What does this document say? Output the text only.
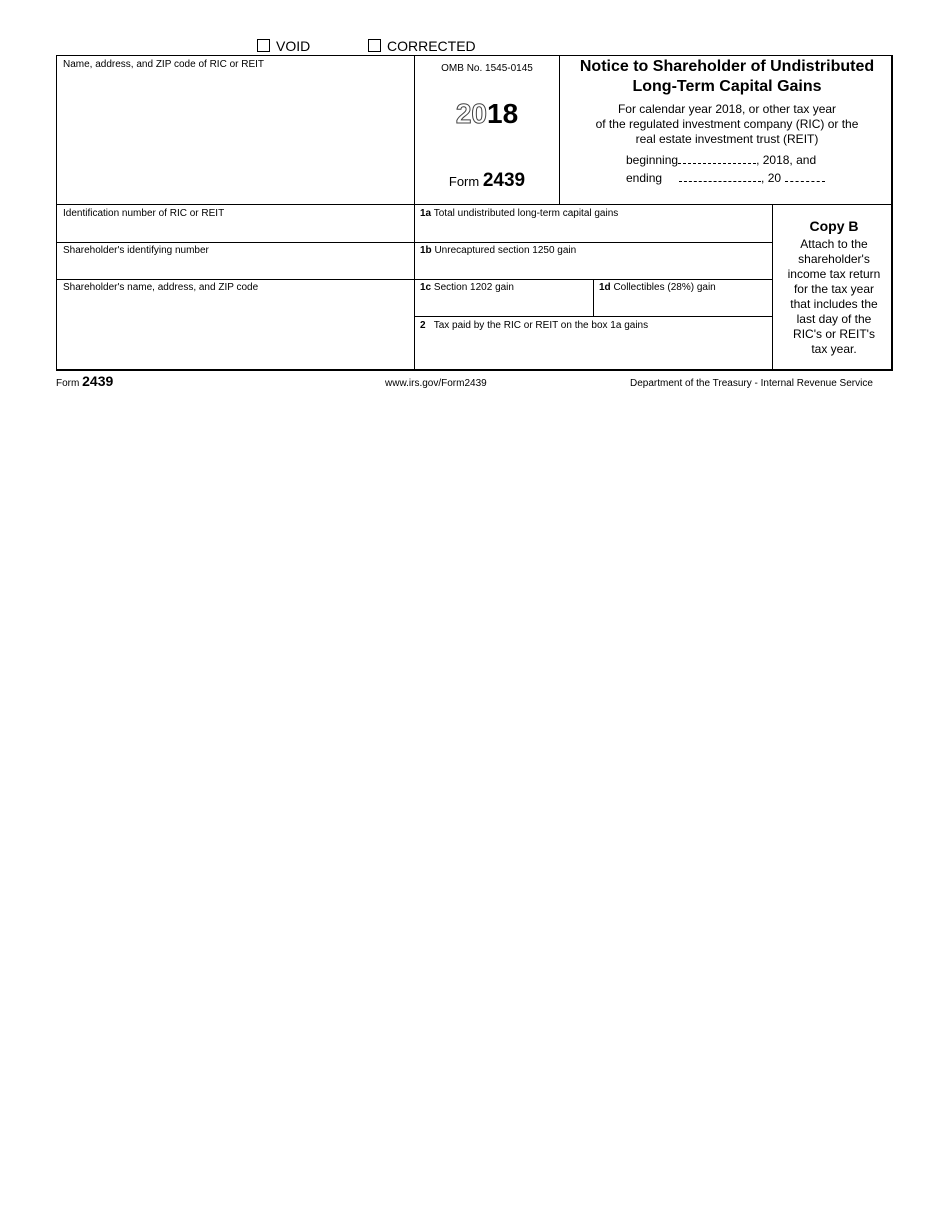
VOID	CORRECTED
Name, address, and ZIP code of RIC or REIT	OMB No. 1545-0145
2018
Form 2439
Notice to Shareholder of Undistributed
Long-Term Capital Gains
For calendar year 2018, or other tax year
of the regulated investment company (RIC) or the
real estate investment trust (REIT)
beginning	, 2018, and
ending	, 20
Identification number of RIC or REIT
Shareholder's identifying number
Shareholder's name, address, and ZIP code
1a Total undistributed long-term capital gains
1b Unrecaptured section 1250 gain
1c Section 1202 gain	1d Collectibles (28%) gain
2 Tax paid by the RIC or REIT on the box 1a gains
Copy B
Attach to the
shareholder's
income tax return
for the tax year
that includes the
last day of the
RIC's or REIT's
tax year.
Form 2439	www.irs.gov/Form2439	Department of the Treasury - Internal Revenue Service
